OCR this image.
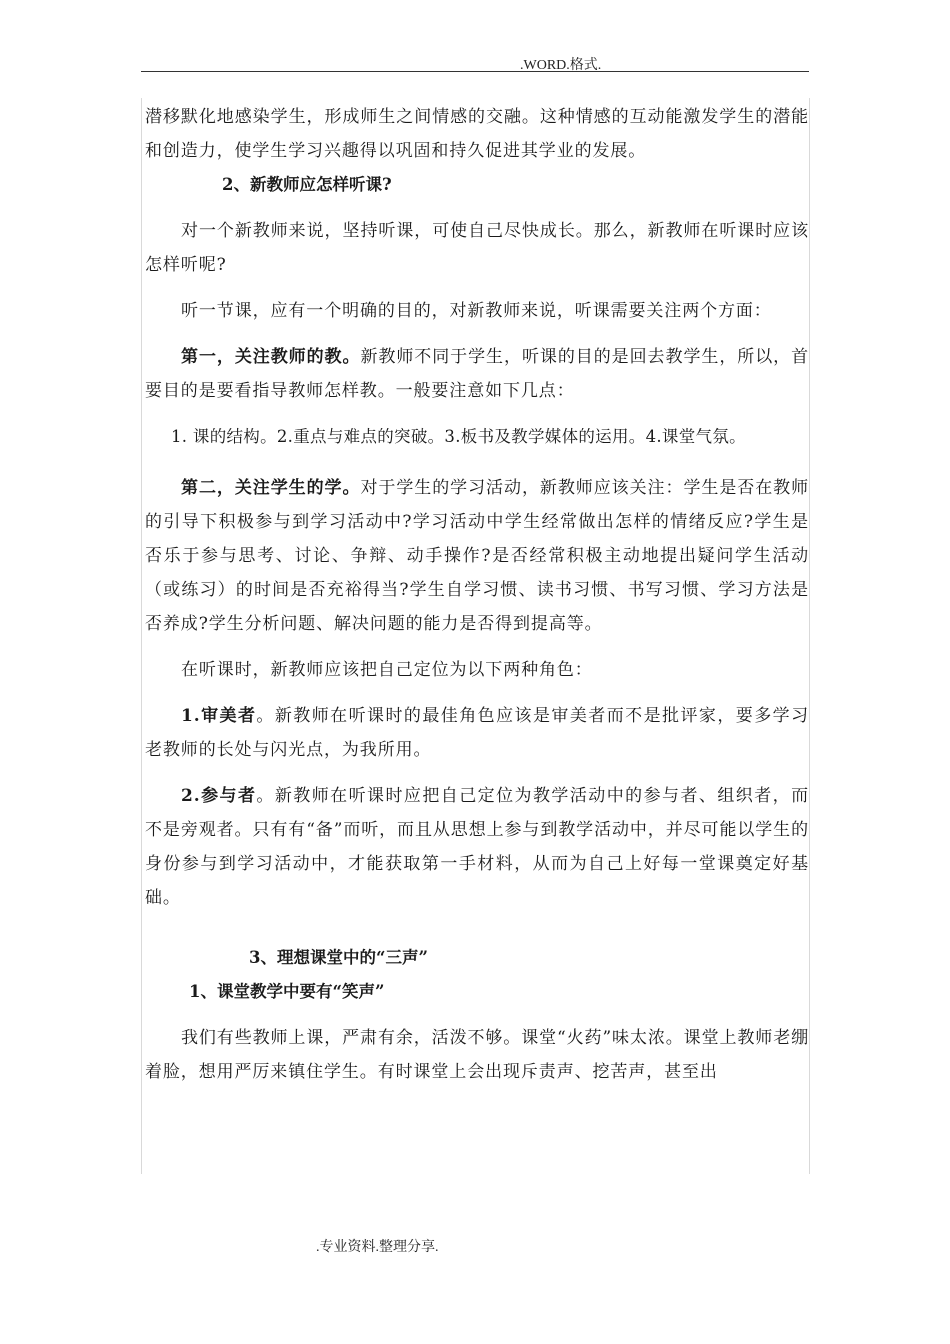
.WORD.格式.

潜移默化地感染学生，形成师生之间情感的交融。这种情感的互动能激发学生的潜能和创造力，使学生学习兴趣得以巩固和持久促进其学业的发展。

2、新教师应怎样听课?

对一个新教师来说，坚持听课，可使自己尽快成长。那么，新教师在听课时应该怎样听呢?

听一节课，应有一个明确的目的，对新教师来说，听课需要关注两个方面：

第一，关注教师的教。新教师不同于学生，听课的目的是回去教学生，所以，首要目的是要看指导教师怎样教。一般要注意如下几点：

1. 课的结构。2.重点与难点的突破。3.板书及教学媒体的运用。4.课堂气氛。

第二，关注学生的学。对于学生的学习活动，新教师应该关注：学生是否在教师的引导下积极参与到学习活动中?学习活动中学生经常做出怎样的情绪反应?学生是否乐于参与思考、讨论、争辩、动手操作?是否经常积极主动地提出疑问学生活动（或练习）的时间是否充裕得当?学生自学习惯、读书习惯、书写习惯、学习方法是否养成?学生分析问题、解决问题的能力是否得到提高等。

在听课时，新教师应该把自己定位为以下两种角色：

1.审美者。新教师在听课时的最佳角色应该是审美者而不是批评家，要多学习老教师的长处与闪光点，为我所用。

2.参与者。新教师在听课时应把自己定位为教学活动中的参与者、组织者，而不是旁观者。只有有“备”而听，而且从思想上参与到教学活动中，并尽可能以学生的身份参与到学习活动中，才能获取第一手材料，从而为自己上好每一堂课奠定好基础。

3、理想课堂中的“三声”

1、课堂教学中要有“笑声”

我们有些教师上课，严肃有余，活泼不够。课堂“火药”味太浓。课堂上教师老绷着脸，想用严厉来镇住学生。有时课堂上会出现斥责声、挖苦声，甚至出

.专业资料.整理分享.
